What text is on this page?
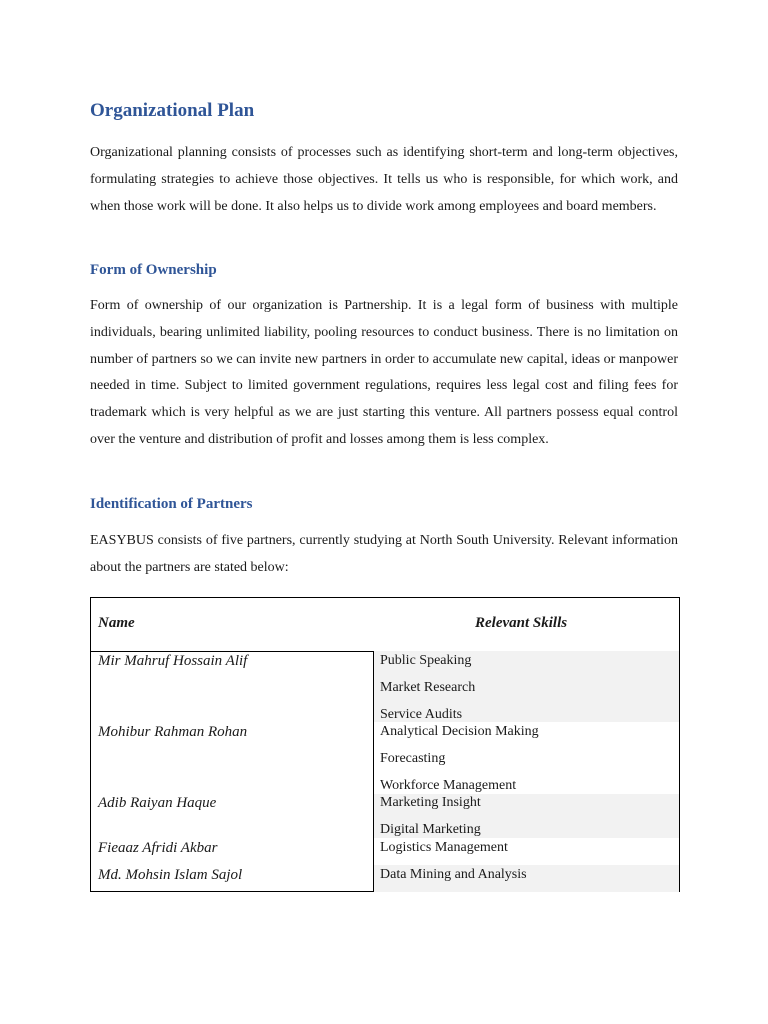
Organizational Plan

Organizational planning consists of processes such as identifying short-term and long-term objectives, formulating strategies to achieve those objectives. It tells us who is responsible, for which work, and when those work will be done. It also helps us to divide work among employees and board members.

Form of Ownership

Form of ownership of our organization is Partnership. It is a legal form of business with multiple individuals, bearing unlimited liability, pooling resources to conduct business. There is no limitation on number of partners so we can invite new partners in order to accumulate new capital, ideas or manpower needed in time. Subject to limited government regulations, requires less legal cost and filing fees for trademark which is very helpful as we are just starting this venture. All partners possess equal control over the venture and distribution of profit and losses among them is less complex.

Identification of Partners

EASYBUS consists of five partners, currently studying at North South University. Relevant information about the partners are stated below:

Name	Relevant Skills
Mir Mahruf Hossain Alif	Public Speaking
Market Research
Service Audits
Mohibur Rahman Rohan	Analytical Decision Making
Forecasting
Workforce Management
Adib Raiyan Haque	Marketing Insight
Digital Marketing
Fieaaz Afridi Akbar	Logistics Management
Md. Mohsin Islam Sajol	Data Mining and Analysis
